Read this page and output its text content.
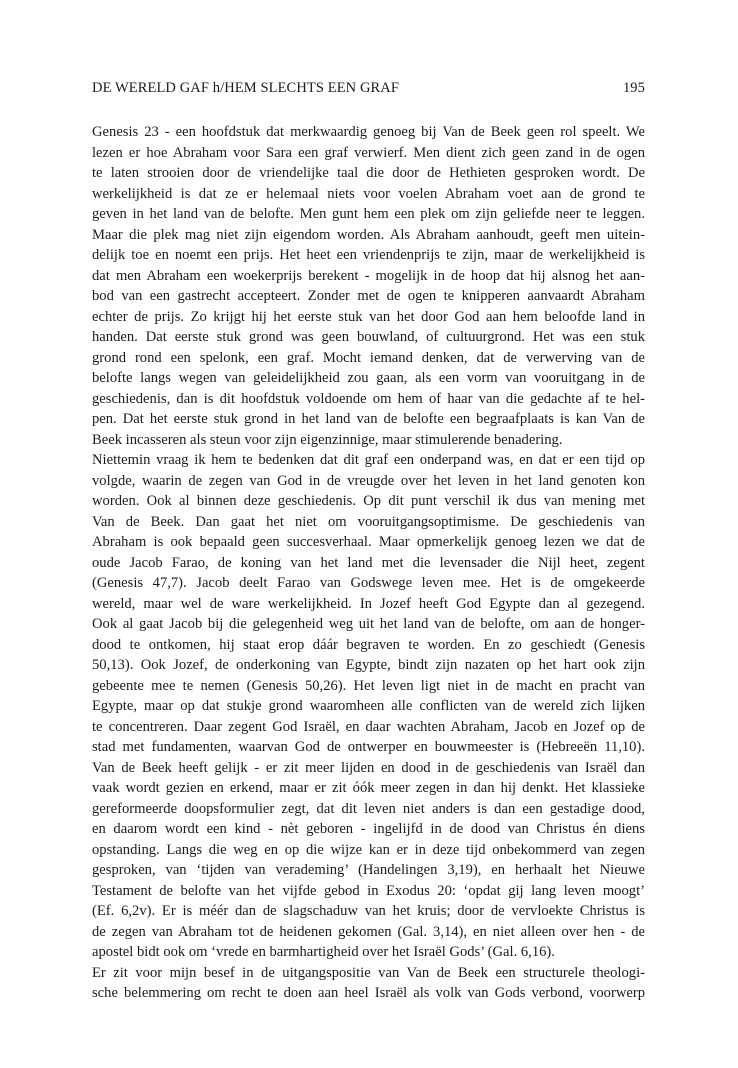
DE WERELD GAF h/HEM SLECHTS EEN GRAF	195
Genesis 23 - een hoofdstuk dat merkwaardig genoeg bij Van de Beek geen rol speelt. We
lezen er hoe Abraham voor Sara een graf verwierf. Men dient zich geen zand in de ogen
te laten strooien door de vriendelijke taal die door de Hethieten gesproken wordt. De
werkelijkheid is dat ze er helemaal niets voor voelen Abraham voet aan de grond te
geven in het land van de belofte. Men gunt hem een plek om zijn geliefde neer te leggen.
Maar die plek mag niet zijn eigendom worden. Als Abraham aanhoudt, geeft men uitein-
delijk toe en noemt een prijs. Het heet een vriendenprijs te zijn, maar de werkelijkheid is
dat men Abraham een woekerprijs berekent - mogelijk in de hoop dat hij alsnog het aan-
bod van een gastrecht accepteert. Zonder met de ogen te knipperen aanvaardt Abraham
echter de prijs. Zo krijgt hij het eerste stuk van het door God aan hem beloofde land in
handen. Dat eerste stuk grond was geen bouwland, of cultuurgrond. Het was een stuk
grond rond een spelonk, een graf. Mocht iemand denken, dat de verwerving van de
belofte langs wegen van geleidelijkheid zou gaan, als een vorm van vooruitgang in de
geschiedenis, dan is dit hoofdstuk voldoende om hem of haar van die gedachte af te hel-
pen. Dat het eerste stuk grond in het land van de belofte een begraafplaats is kan Van de
Beek incasseren als steun voor zijn eigenzinnige, maar stimulerende benadering.
Niettemin vraag ik hem te bedenken dat dit graf een onderpand was, en dat er een tijd op
volgde, waarin de zegen van God in de vreugde over het leven in het land genoten kon
worden. Ook al binnen deze geschiedenis. Op dit punt verschil ik dus van mening met
Van de Beek. Dan gaat het niet om vooruitgangsoptimisme. De geschiedenis van
Abraham is ook bepaald geen succesverhaal. Maar opmerkelijk genoeg lezen we dat de
oude Jacob Farao, de koning van het land met die levensader die Nijl heet, zegent
(Genesis 47,7). Jacob deelt Farao van Godswege leven mee. Het is de omgekeerde
wereld, maar wel de ware werkelijkheid. In Jozef heeft God Egypte dan al gezegend.
Ook al gaat Jacob bij die gelegenheid weg uit het land van de belofte, om aan de honger-
dood te ontkomen, hij staat erop dáár begraven te worden. En zo geschiedt (Genesis
50,13). Ook Jozef, de onderkoning van Egypte, bindt zijn nazaten op het hart ook zijn
gebeente mee te nemen (Genesis 50,26). Het leven ligt niet in de macht en pracht van
Egypte, maar op dat stukje grond waaromheen alle conflicten van de wereld zich lijken
te concentreren. Daar zegent God Israël, en daar wachten Abraham, Jacob en Jozef op de
stad met fundamenten, waarvan God de ontwerper en bouwmeester is (Hebreeën 11,10).
Van de Beek heeft gelijk - er zit meer lijden en dood in de geschiedenis van Israël dan
vaak wordt gezien en erkend, maar er zit óók meer zegen in dan hij denkt. Het klassieke
gereformeerde doopsformulier zegt, dat dit leven niet anders is dan een gestadige dood,
en daarom wordt een kind - nèt geboren - ingelijfd in de dood van Christus én diens
opstanding. Langs die weg en op die wijze kan er in deze tijd onbekommerd van zegen
gesproken, van ‘tijden van verademing’ (Handelingen 3,19), en herhaalt het Nieuwe
Testament de belofte van het vijfde gebod in Exodus 20: ‘opdat gij lang leven moogt’
(Ef. 6,2v). Er is méér dan de slagschaduw van het kruis; door de vervloekte Christus is
de zegen van Abraham tot de heidenen gekomen (Gal. 3,14), en niet alleen over hen - de
apostel bidt ook om ‘vrede en barmhartigheid over het Israël Gods’ (Gal. 6,16).
Er zit voor mijn besef in de uitgangspositie van Van de Beek een structurele theologi-
sche belemmering om recht te doen aan heel Israël als volk van Gods verbond, voorwerp
